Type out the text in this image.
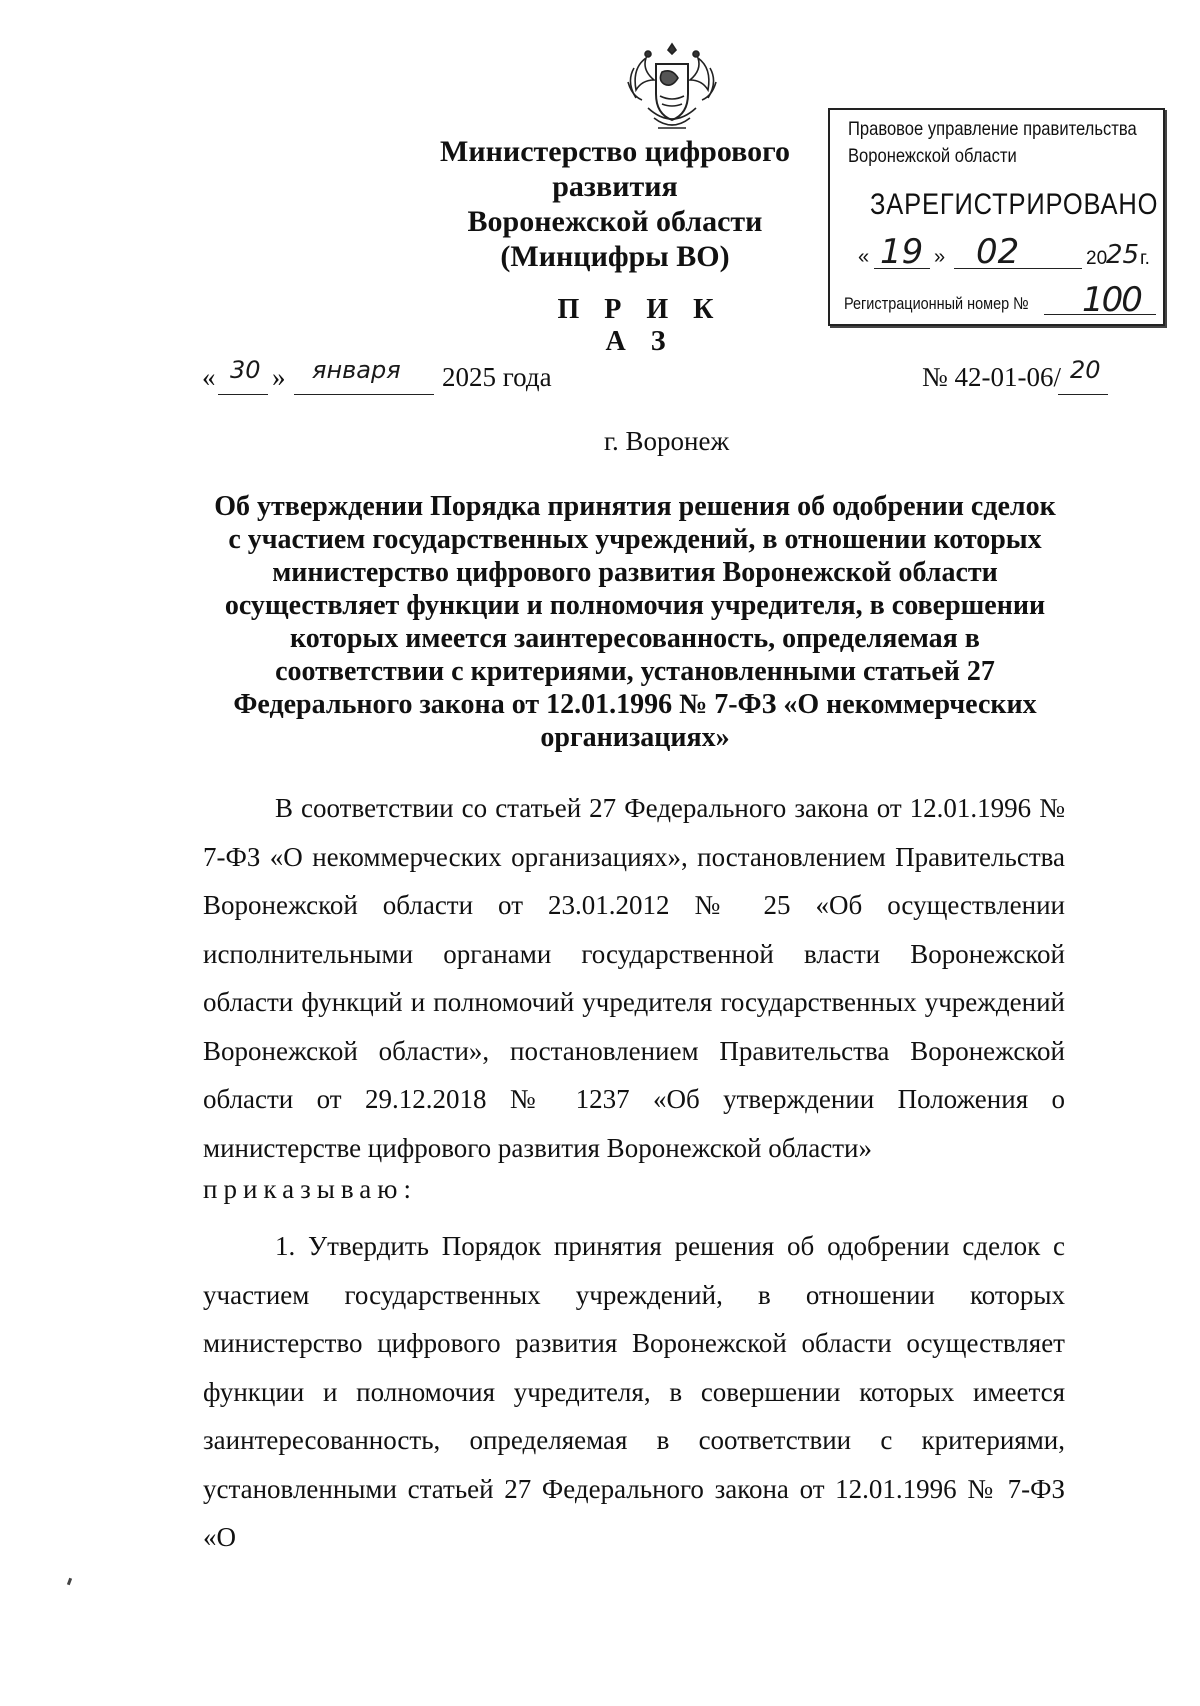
Министерство цифрового развития
Воронежской области
(Минцифры ВО)
П Р И К А З
Правовое управление правительства
Воронежской области
ЗАРЕГИСТРИРОВАНО
« 19 » 02	20
25 г.
Регистрационный номер № 100
« 30 » января 2025 года	№ 42-01-06/ 20
г. Воронеж
Об утверждении Порядка принятия решения об одобрении сделок с участием государственных учреждений, в отношении которых министерство цифрового развития Воронежской области осуществляет функции и полномочия учредителя, в совершении которых имеется заинтересованность, определяемая в соответствии с критериями, установленными статьей 27 Федерального закона от 12.01.1996 № 7-ФЗ «О некоммерческих организациях»
В соответствии со статьей 27 Федерального закона от 12.01.1996 № 7-ФЗ «О некоммерческих организациях», постановлением Правительства Воронежской области от 23.01.2012 № 25 «Об осуществлении исполнительными органами государственной власти Воронежской области функций и полномочий учредителя государственных учреждений Воронежской области», постановлением Правительства Воронежской области от 29.12.2018 № 1237 «Об утверждении Положения о министерстве цифрового развития Воронежской области»
приказываю:
1. Утвердить Порядок принятия решения об одобрении сделок с участием государственных учреждений, в отношении которых министерство цифрового развития Воронежской области осуществляет функции и полномочия учредителя, в совершении которых имеется заинтересованность, определяемая в соответствии с критериями, установленными статьей 27 Федерального закона от 12.01.1996 № 7-ФЗ «О
